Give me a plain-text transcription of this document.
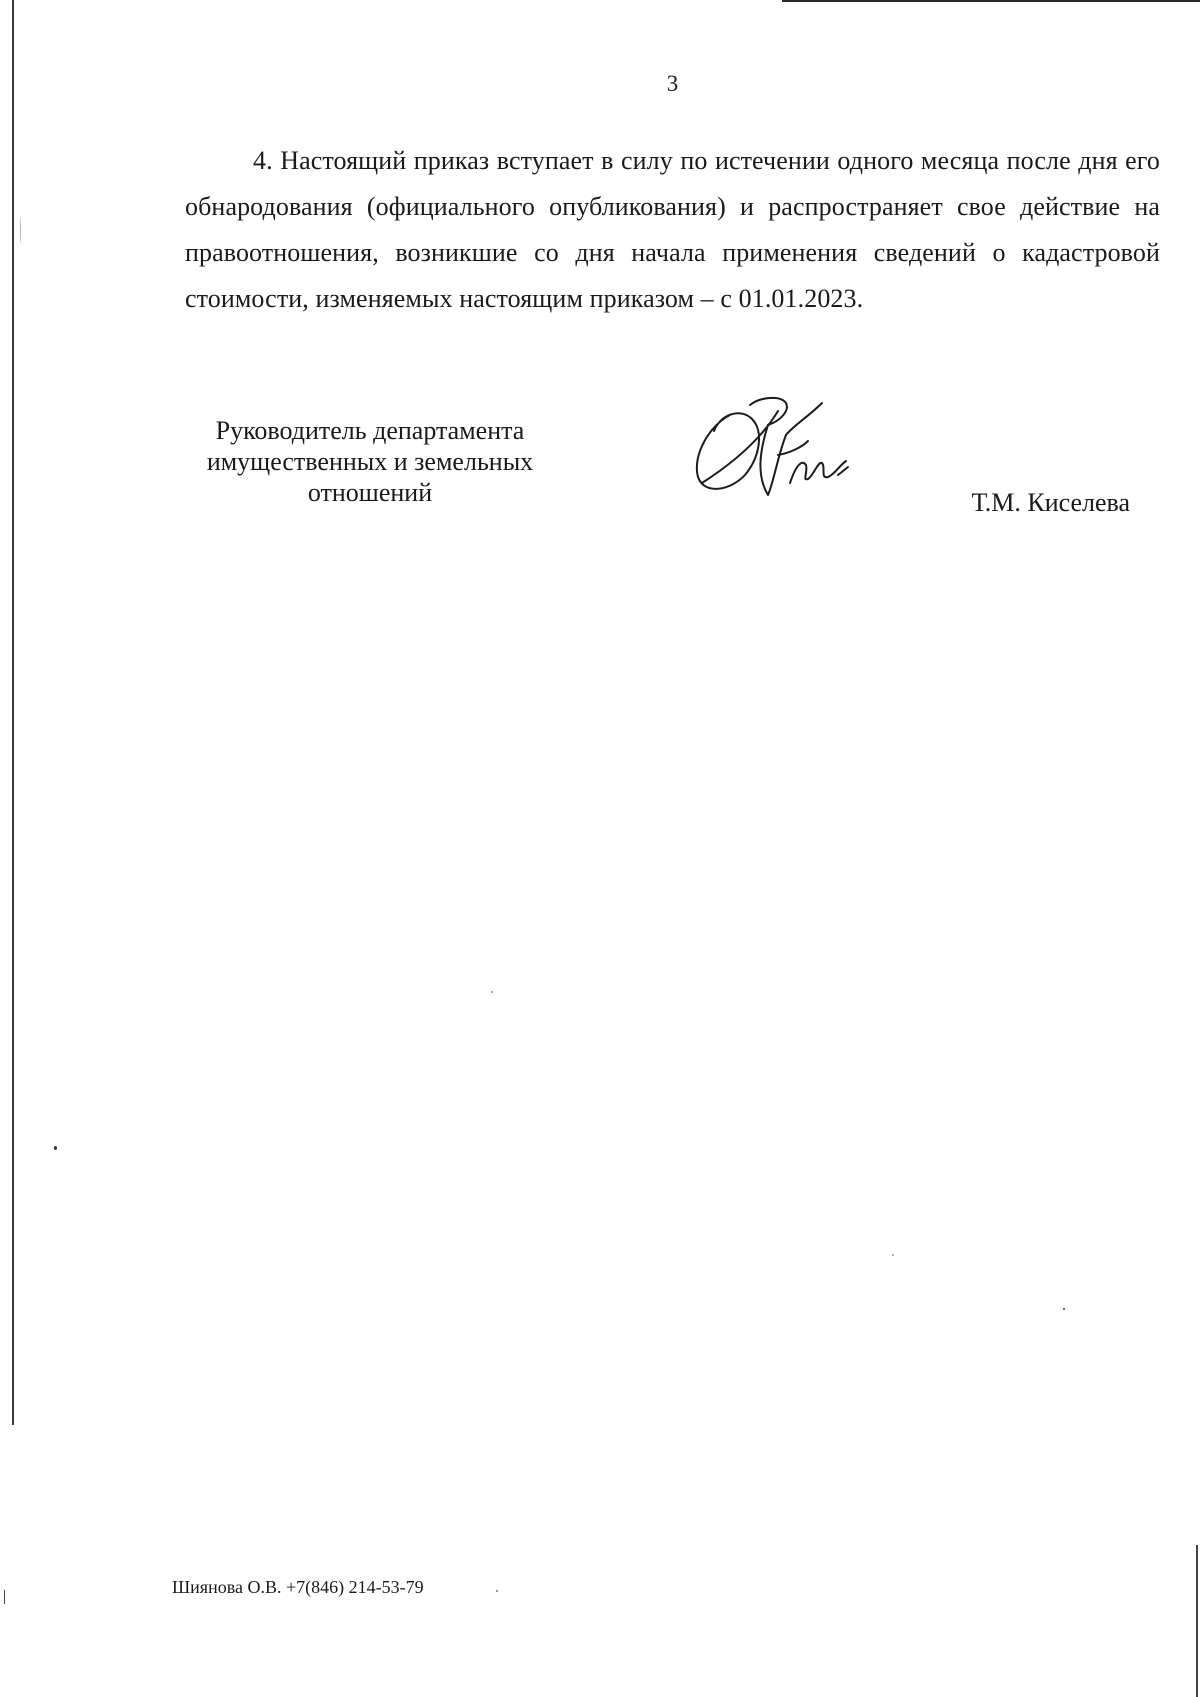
3
4. Настоящий приказ вступает в силу по истечении одного месяца после дня его обнародования (официального опубликования) и распространяет свое действие на правоотношения, возникшие со дня начала применения сведений о кадастровой стоимости, изменяемых настоящим приказом – с 01.01.2023.
Руководитель департамента
имущественных и земельных
отношений	Т.М. Киселева
Шиянова О.В. +7(846) 214-53-79
